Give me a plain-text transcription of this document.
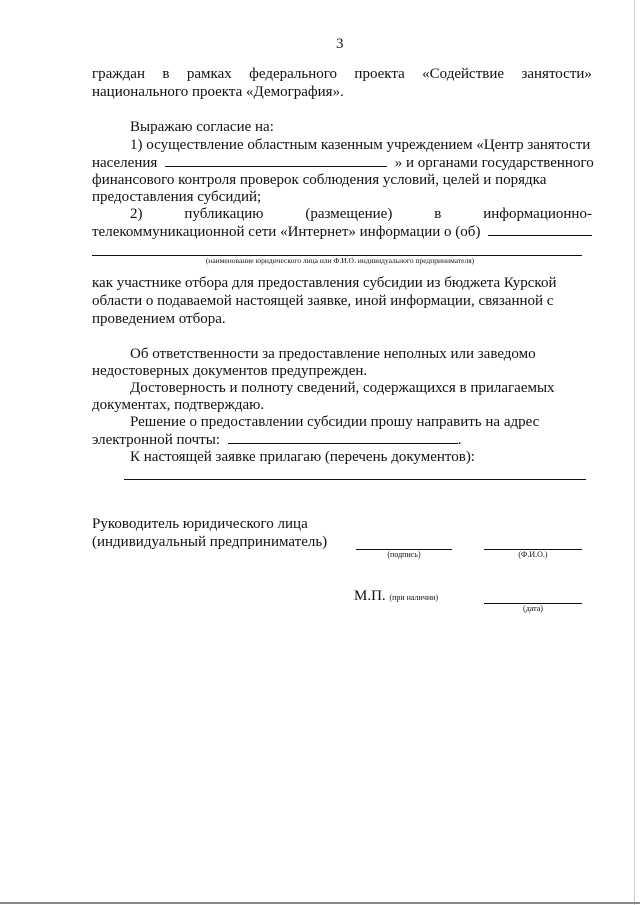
3
граждан в рамках федерального проекта «Содействие занятости»
национального проекта «Демография».
Выражаю согласие на:
1) осуществление областным казенным учреждением «Центр занятости
населения	» и органами государственного
финансового контроля проверок соблюдения условий, целей и порядка
предоставления субсидий;
2)	публикацию	(размещение)	в	информационно-
телекоммуникационной сети «Интернет» информации о (об)
(наименование юридического лица или Ф.И.О. индивидуального предпринимателя)
как участнике отбора для предоставления субсидии из бюджета Курской
области о подаваемой настоящей заявке, иной информации, связанной с
проведением отбора.
Об ответственности за предоставление неполных или заведомо
недостоверных документов предупрежден.
Достоверность и полноту сведений, содержащихся в прилагаемых
документах, подтверждаю.
Решение о предоставлении субсидии прошу направить на адрес
электронной почты:	.
К настоящей заявке прилагаю (перечень документов):
Руководитель юридического лица
(индивидуальный предприниматель)
(подпись)	(Ф.И.О.)
М.П. (при наличии)
(дата)
